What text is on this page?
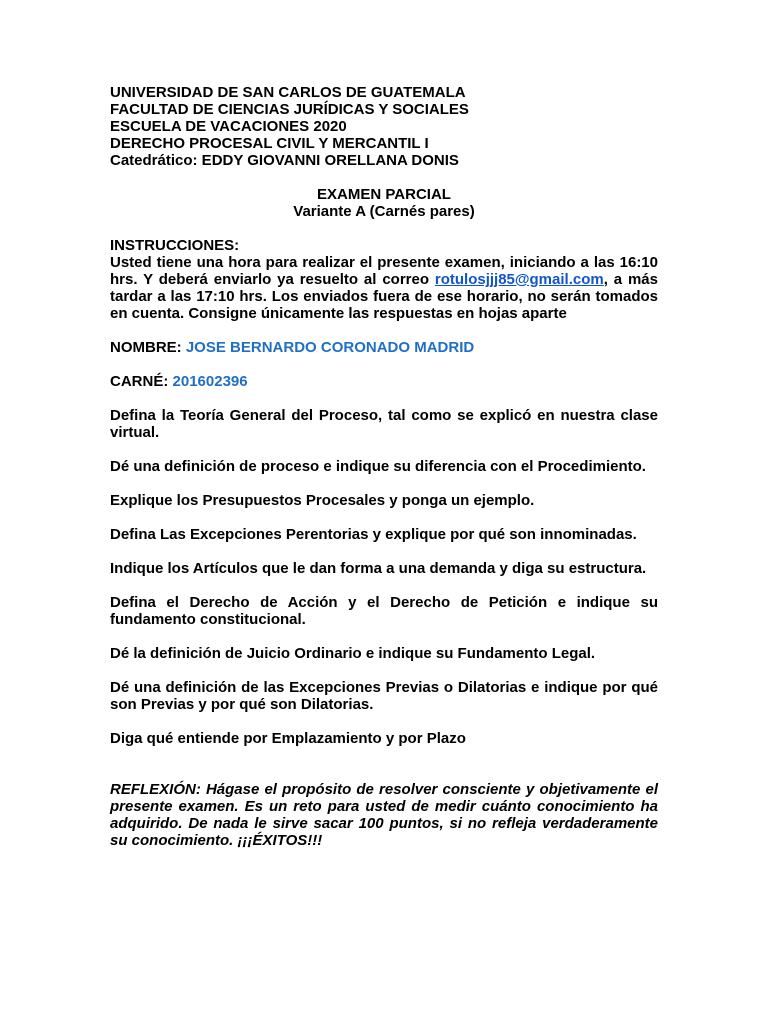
UNIVERSIDAD DE SAN CARLOS DE GUATEMALA
FACULTAD DE CIENCIAS JURÍDICAS Y SOCIALES
ESCUELA DE VACACIONES 2020
DERECHO PROCESAL CIVIL Y MERCANTIL I
Catedrático: EDDY GIOVANNI ORELLANA DONIS
EXAMEN PARCIAL
Variante A (Carnés pares)
INSTRUCCIONES:
Usted tiene una hora para realizar el presente examen, iniciando a las 16:10 hrs. Y deberá enviarlo ya resuelto al correo rotulosjjj85@gmail.com, a más tardar a las 17:10 hrs. Los enviados fuera de ese horario, no serán tomados en cuenta. Consigne únicamente las respuestas en hojas aparte
NOMBRE: JOSE BERNARDO CORONADO MADRID
CARNÉ: 201602396
Defina la Teoría General del Proceso, tal como se explicó en nuestra clase virtual.
Dé una definición de proceso e indique su diferencia con el Procedimiento.
Explique los Presupuestos Procesales y ponga un ejemplo.
Defina Las Excepciones Perentorias y explique por qué son innominadas.
Indique los Artículos que le dan forma a una demanda y diga su estructura.
Defina el Derecho de Acción y el Derecho de Petición e indique su fundamento constitucional.
Dé la definición de Juicio Ordinario e indique su Fundamento Legal.
Dé una definición de las Excepciones Previas o Dilatorias e indique por qué son Previas y por qué son Dilatorias.
Diga qué entiende por Emplazamiento y por Plazo
REFLEXIÓN: Hágase el propósito de resolver consciente y objetivamente el presente examen. Es un reto para usted de medir cuánto conocimiento ha adquirido. De nada le sirve sacar 100 puntos, si no refleja verdaderamente su conocimiento. ¡¡¡ÉXITOS!!!
